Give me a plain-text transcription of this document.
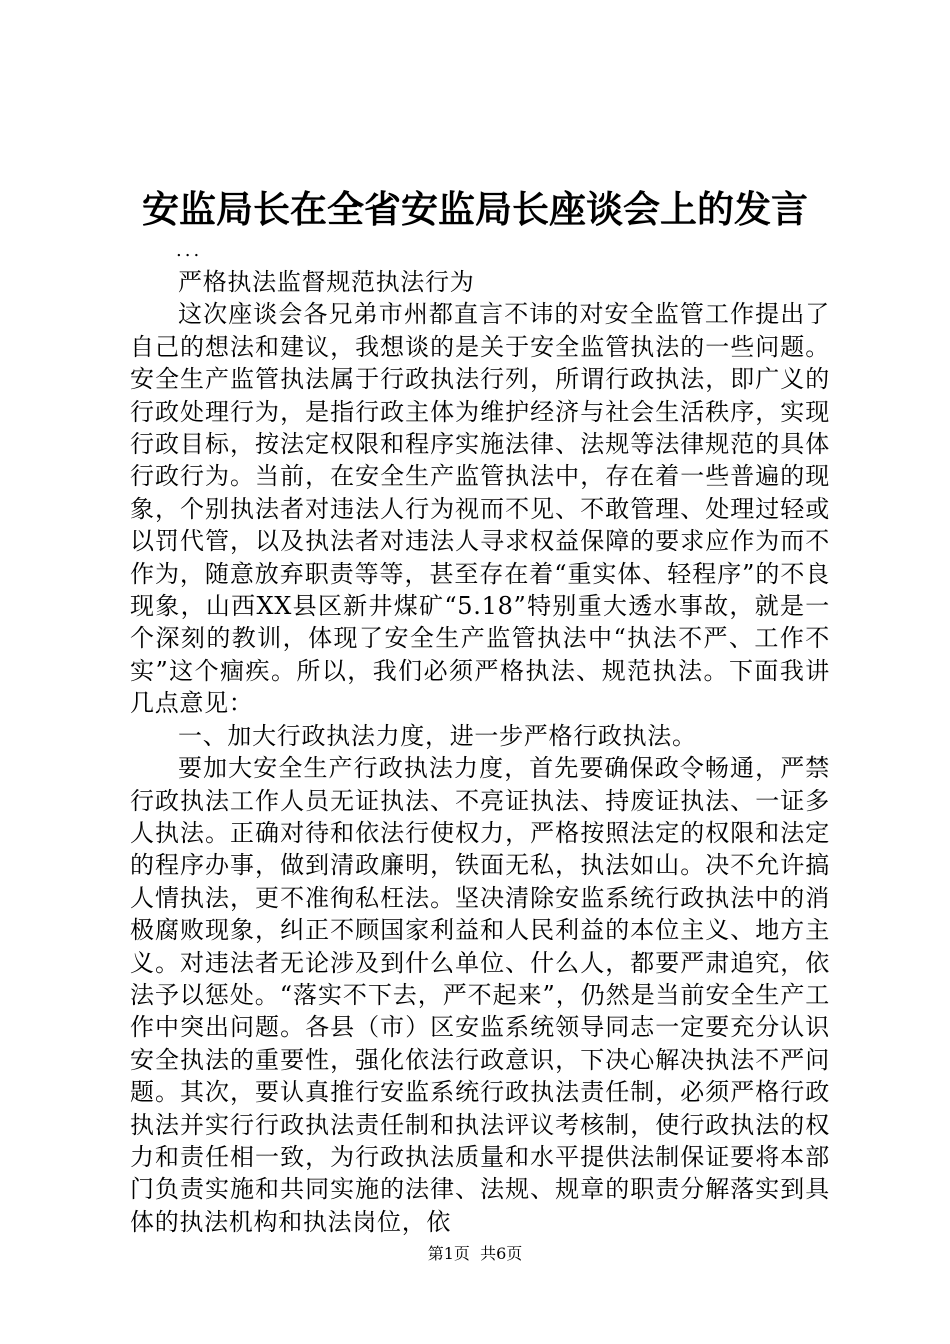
安监局长在全省安监局长座谈会上的发言
...

严格执法监督规范执法行为

这次座谈会各兄弟市州都直言不讳的对安全监管工作提出了自己的想法和建议，我想谈的是关于安全监管执法的一些问题。安全生产监管执法属于行政执法行列，所谓行政执法，即广义的行政处理行为，是指行政主体为维护经济与社会生活秩序，实现行政目标，按法定权限和程序实施法律、法规等法律规范的具体行政行为。当前，在安全生产监管执法中，存在着一些普遍的现象，个别执法者对违法人行为视而不见、不敢管理、处理过轻或以罚代管，以及执法者对违法人寻求权益保障的要求应作为而不作为，随意放弃职责等等，甚至存在着“重实体、轻程序”的不良现象，山西XX县区新井煤矿“5.18”特别重大透水事故，就是一个深刻的教训，体现了安全生产监管执法中“执法不严、工作不实”这个痼疾。所以，我们必须严格执法、规范执法。下面我讲几点意见：

一、加大行政执法力度，进一步严格行政执法。

要加大安全生产行政执法力度，首先要确保政令畅通，严禁行政执法工作人员无证执法、不亮证执法、持废证执法、一证多人执法。正确对待和依法行使权力，严格按照法定的权限和法定的程序办事，做到清政廉明，铁面无私，执法如山。决不允许搞人情执法，更不准徇私枉法。坚决清除安监系统行政执法中的消极腐败现象，纠正不顾国家利益和人民利益的本位主义、地方主义。对违法者无论涉及到什么单位、什么人，都要严肃追究，依法予以惩处。“落实不下去，严不起来”，仍然是当前安全生产工作中突出问题。各县（市）区安监系统领导同志一定要充分认识安全执法的重要性，强化依法行政意识，下决心解决执法不严问题。其次，要认真推行安监系统行政执法责任制，必须严格行政执法并实行行政执法责任制和执法评议考核制，使行政执法的权力和责任相一致，为行政执法质量和水平提供法制保证要将本部门负责实施和共同实施的法律、法规、规章的职责分解落实到具体的执法机构和执法岗位，依

第1页  共6页
